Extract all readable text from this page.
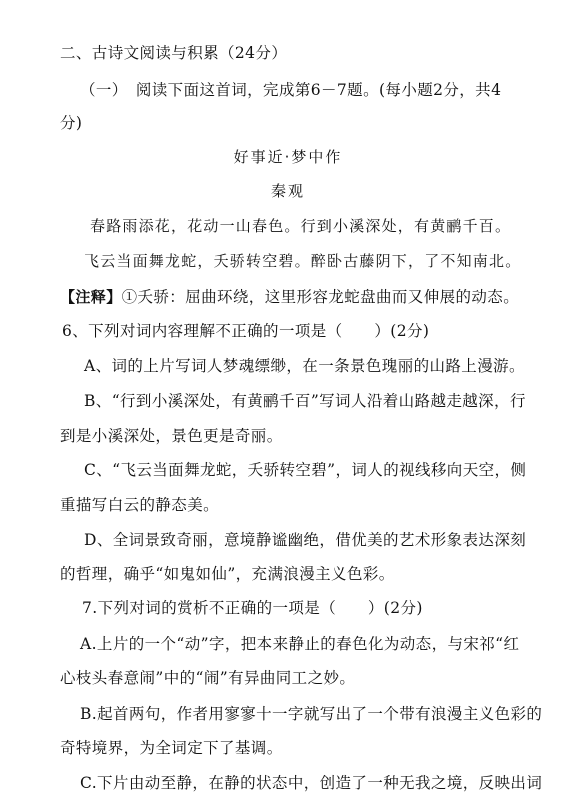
二、古诗文阅读与积累（24分）
（一）　阅读下面这首词，完成第6－7题。(每小题2分，共4
分)
好事近·梦中作
秦观
春路雨添花，花动一山春色。行到小溪深处，有黄鹂千百。
飞云当面舞龙蛇，夭骄转空碧。醉卧古藤阴下，了不知南北。
【注释】①夭骄：屈曲环绕，这里形容龙蛇盘曲而又伸展的动态。
6、下列对词内容理解不正确的一项是（　　）(2分)
A、词的上片写词人梦魂缥缈，在一条景色瑰丽的山路上漫游。
B、“行到小溪深处，有黄鹂千百”写词人沿着山路越走越深，行
到是小溪深处，景色更是奇丽。
C、“飞云当面舞龙蛇，夭骄转空碧”，词人的视线移向天空，侧
重描写白云的静态美。
D、全词景致奇丽，意境静谧幽绝，借优美的艺术形象表达深刻
的哲理，确乎“如鬼如仙”，充满浪漫主义色彩。
7.下列对词的赏析不正确的一项是（　　）(2分)
A.上片的一个“动”字，把本来静止的春色化为动态，与宋祁“红
心枝头春意闹”中的“闹”有异曲同工之妙。
B.起首两句，作者用寥寥十一字就写出了一个带有浪漫主义色彩的
奇特境界，为全词定下了基调。
C.下片由动至静，在静的状态中，创造了一种无我之境，反映出词
